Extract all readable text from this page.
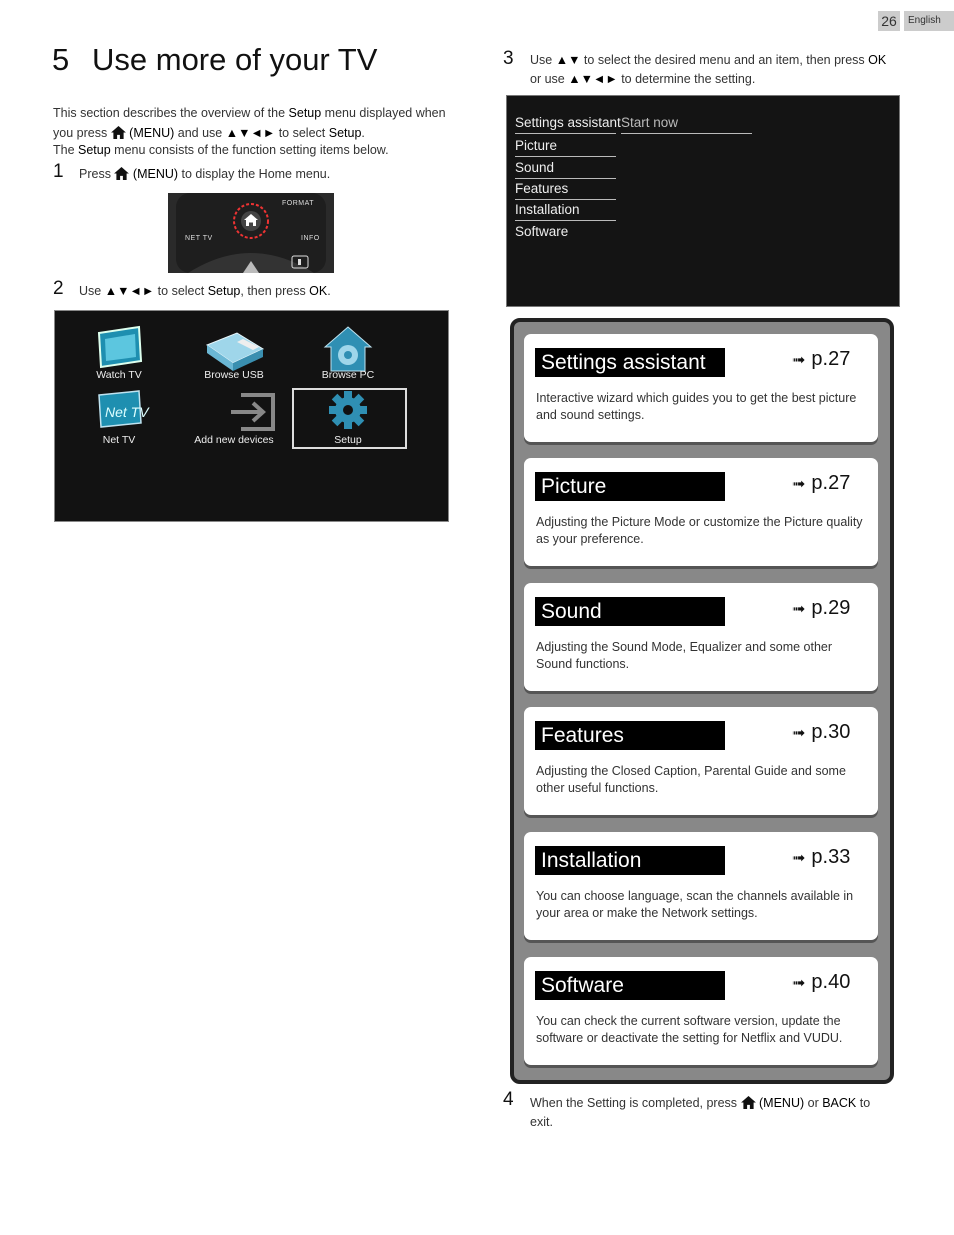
26	English
5 Use more of your TV
This section describes the overview of the Setup menu displayed when
you press  (MENU) and use ▲▼◄► to select Setup.
The Setup menu consists of the function setting items below.
1 Press  (MENU) to display the Home menu.
FORMAT
NET TV	INFO
2 Use ▲▼◄► to select Setup, then press OK.
Net TV
Watch TV	Browse USB	Browse PC
Net TV	Add new devices	Setup
3 Use ▲▼ to select the desired menu and an item, then press OK
or use ▲▼◄► to determine the setting.
Settings assistant Start now
Picture
Sound
Features
Installation
Software
Settings assistant	➟ p.27
Interactive wizard which guides you to get the best picture and sound settings.
Picture	➟ p.27
Adjusting the Picture Mode or customize the Picture quality as your preference.
Sound	➟ p.29
Adjusting the Sound Mode, Equalizer and some other Sound functions.
Features	➟ p.30
Adjusting the Closed Caption, Parental Guide and some other useful functions.
Installation	➟ p.33
You can choose language, scan the channels available in your area or make the Network settings.
Software	➟ p.40
You can check the current software version, update the software or deactivate the setting for Netflix and VUDU.
4 When the Setting is completed, press  (MENU) or BACK to
exit.
